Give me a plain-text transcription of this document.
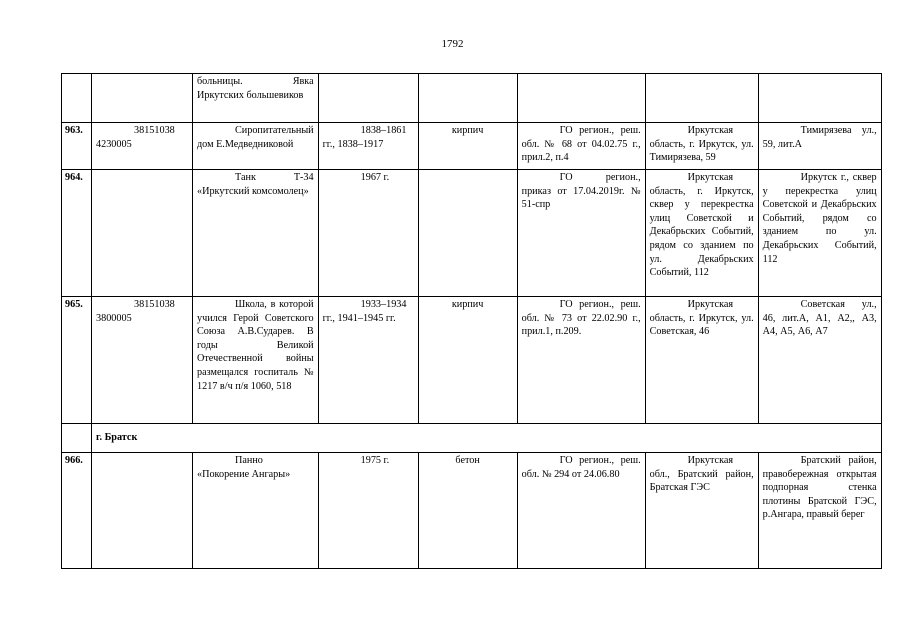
1792
		больницы. Явка Иркутских большевиков					
963.	38151038 4230005	Сиропитательный дом Е.Медведниковой	1838–1861 гг., 1838–1917	кирпич	ГО регион., реш. обл. № 68 от 04.02.75 г., прил.2, п.4	Иркутская область, г. Иркутск, ул. Тимирязева, 59	Тимирязева ул., 59, лит.А
964.		Танк Т-34 «Иркутский комсомолец»	1967 г.		ГО регион., приказ от 17.04.2019г. № 51-спр	Иркутская область, г. Иркутск, сквер у перекрестка улиц Советской и Декабрьских Событий, рядом со зданием по ул. Декабрьских Событий, 112	Иркутск г., сквер у перекрестка улиц Советской и Декабрьских Событий, рядом со зданием по ул. Декабрьских Событий, 112
965.	38151038 3800005	Школа, в которой учился Герой Советского Союза А.В.Сударев. В годы Великой Отечественной войны размещался госпиталь № 1217 в/ч п/я 1060, 518	1933–1934 гг., 1941–1945 гг.	кирпич	ГО регион., реш. обл. № 73 от 22.02.90 г., прил.1, п.209.	Иркутская область, г. Иркутск, ул. Советская, 46	Советская ул., 46, лит.А, А1, А2,, А3, А4, А5, А6, А7
	г. Братск						
966.		Панно «Покорение Ангары»	1975 г.	бетон	ГО регион., реш. обл. № 294 от 24.06.80	Иркутская обл., Братский район, Братская ГЭС	Братский район, правобережная открытая подпорная стенка плотины Братской ГЭС, р.Ангара, правый берег
